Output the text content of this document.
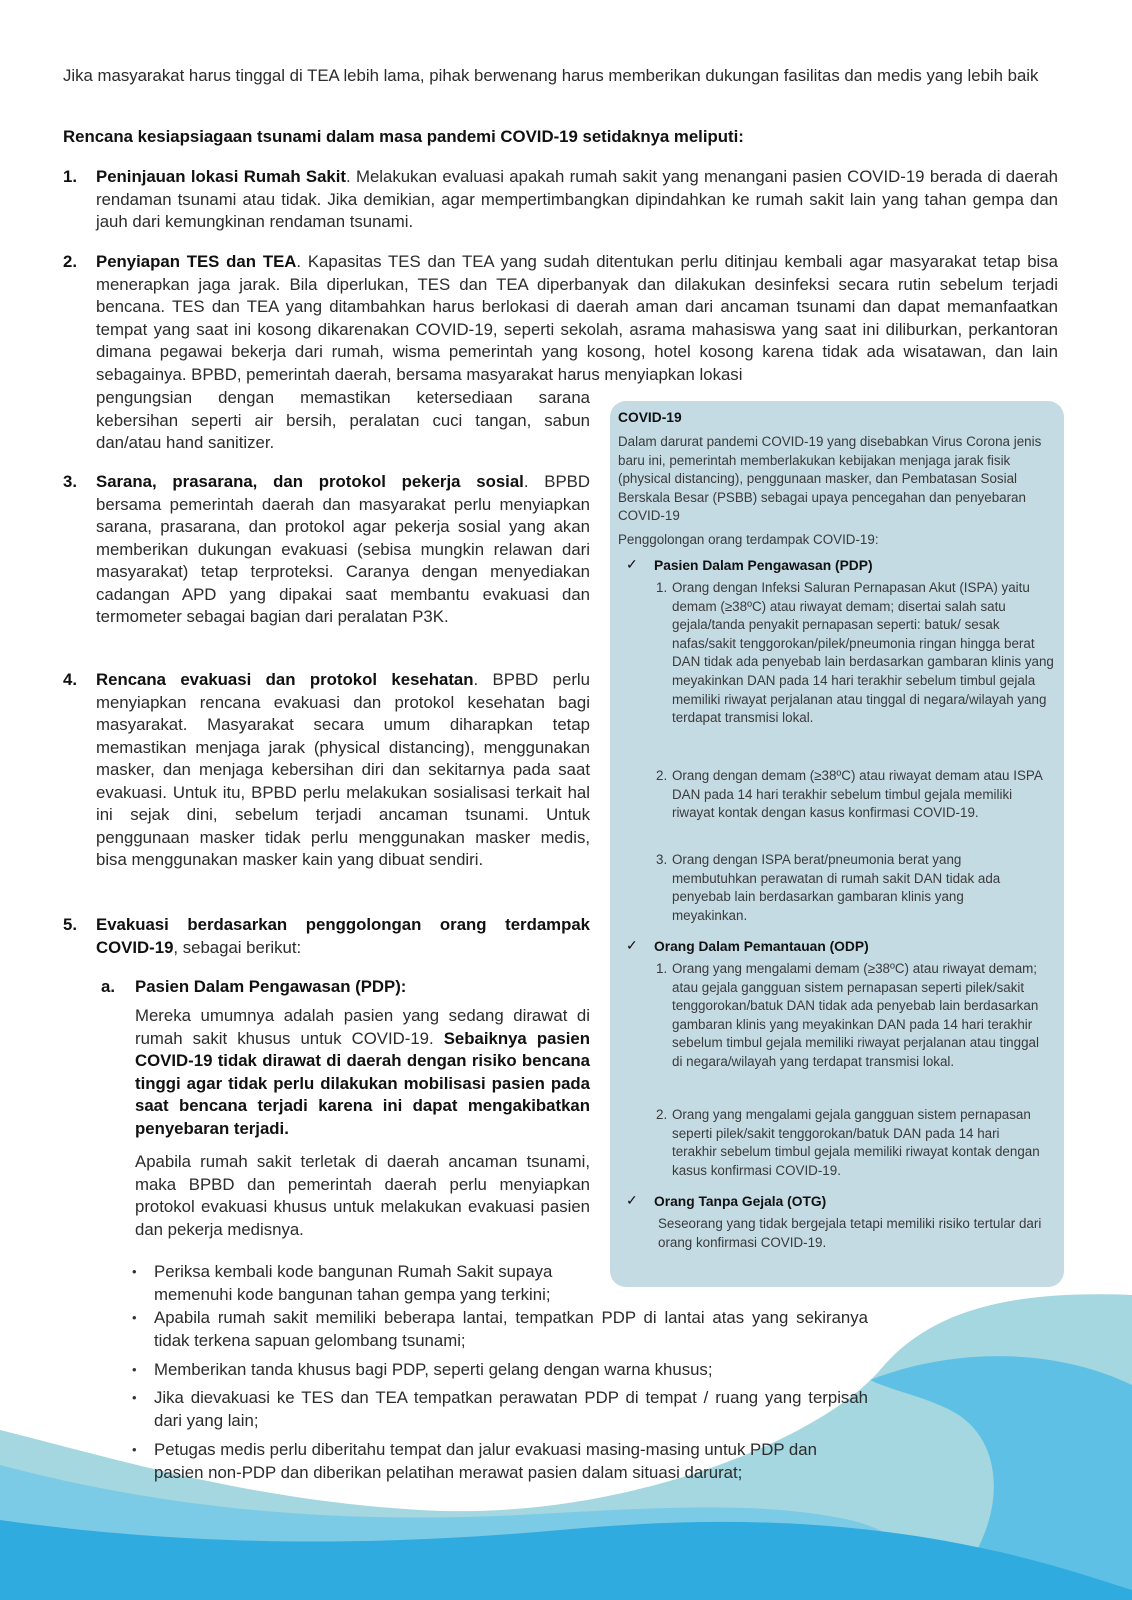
Jika masyarakat harus tinggal di TEA lebih lama, pihak berwenang harus memberikan dukungan fasilitas dan medis yang lebih baik

Rencana kesiapsiagaan tsunami dalam masa pandemi COVID-19 setidaknya meliputi:

1. Peninjauan lokasi Rumah Sakit. Melakukan evaluasi apakah rumah sakit yang menangani pasien COVID-19 berada di daerah rendaman tsunami atau tidak. Jika demikian, agar mempertimbangkan dipindahkan ke rumah sakit lain yang tahan gempa dan jauh dari kemungkinan rendaman tsunami.

2. Penyiapan TES dan TEA. Kapasitas TES dan TEA yang sudah ditentukan perlu ditinjau kembali agar masyarakat tetap bisa menerapkan jaga jarak. Bila diperlukan, TES dan TEA diperbanyak dan dilakukan desinfeksi secara rutin sebelum terjadi bencana. TES dan TEA yang ditambahkan harus berlokasi di daerah aman dari ancaman tsunami dan dapat memanfaatkan tempat yang saat ini kosong dikarenakan COVID-19, seperti sekolah, asrama mahasiswa yang saat ini diliburkan, perkantoran dimana pegawai bekerja dari rumah, wisma pemerintah yang kosong, hotel kosong karena tidak ada wisatawan, dan lain sebagainya. BPBD, pemerintah daerah, bersama masyarakat harus menyiapkan lokasi

pengungsian dengan memastikan ketersediaan sarana kebersihan seperti air bersih, peralatan cuci tangan, sabun dan/atau hand sanitizer.

3. Sarana, prasarana, dan protokol pekerja sosial. BPBD bersama pemerintah daerah dan masyarakat perlu menyiapkan sarana, prasarana, dan protokol agar pekerja sosial yang akan memberikan dukungan evakuasi (sebisa mungkin relawan dari masyarakat) tetap terproteksi. Caranya dengan menyediakan cadangan APD yang dipakai saat membantu evakuasi dan termometer sebagai bagian dari peralatan P3K.

4. Rencana evakuasi dan protokol kesehatan. BPBD perlu menyiapkan rencana evakuasi dan protokol kesehatan bagi masyarakat. Masyarakat secara umum diharapkan tetap memastikan menjaga jarak (physical distancing), menggunakan masker, dan menjaga kebersihan diri dan sekitarnya pada saat evakuasi. Untuk itu, BPBD perlu melakukan sosialisasi terkait hal ini sejak dini, sebelum terjadi ancaman tsunami. Untuk penggunaan masker tidak perlu menggunakan masker medis, bisa menggunakan masker kain yang dibuat sendiri.

5. Evakuasi berdasarkan penggolongan orang terdampak COVID-19, sebagai berikut:

a. Pasien Dalam Pengawasan (PDP):

Mereka umumnya adalah pasien yang sedang dirawat di rumah sakit khusus untuk COVID-19. Sebaiknya pasien COVID-19 tidak dirawat di daerah dengan risiko bencana tinggi agar tidak perlu dilakukan mobilisasi pasien pada saat bencana terjadi karena ini dapat mengakibatkan penyebaran terjadi.

Apabila rumah sakit terletak di daerah ancaman tsunami, maka BPBD dan pemerintah daerah perlu menyiapkan protokol evakuasi khusus untuk melakukan evakuasi pasien dan pekerja medisnya.

• Periksa kembali kode bangunan Rumah Sakit supaya memenuhi kode bangunan tahan gempa yang terkini;
• Apabila rumah sakit memiliki beberapa lantai, tempatkan PDP di lantai atas yang sekiranya tidak terkena sapuan gelombang tsunami;
• Memberikan tanda khusus bagi PDP, seperti gelang dengan warna khusus;
• Jika dievakuasi ke TES dan TEA tempatkan perawatan PDP di tempat / ruang yang terpisah dari yang lain;
• Petugas medis perlu diberitahu tempat dan jalur evakuasi masing-masing untuk PDP dan pasien non-PDP dan diberikan pelatihan merawat pasien dalam situasi darurat;
COVID-19
Dalam darurat pandemi COVID-19 yang disebabkan Virus Corona jenis baru ini, pemerintah memberlakukan kebijakan menjaga jarak fisik (physical distancing), penggunaan masker, dan Pembatasan Sosial Berskala Besar (PSBB) sebagai upaya pencegahan dan penyebaran COVID-19
Penggolongan orang terdampak COVID-19:
✓ Pasien Dalam Pengawasan (PDP)
1. Orang dengan Infeksi Saluran Pernapasan Akut (ISPA) yaitu demam (≥38ºC) atau riwayat demam; disertai salah satu gejala/tanda penyakit pernapasan seperti: batuk/ sesak nafas/sakit tenggorokan/pilek/pneumonia ringan hingga berat DAN tidak ada penyebab lain berdasarkan gambaran klinis yang meyakinkan DAN pada 14 hari terakhir sebelum timbul gejala memiliki riwayat perjalanan atau tinggal di negara/wilayah yang terdapat transmisi lokal.
2. Orang dengan demam (≥38ºC) atau riwayat demam atau ISPA DAN pada 14 hari terakhir sebelum timbul gejala memiliki riwayat kontak dengan kasus konfirmasi COVID-19.
3. Orang dengan ISPA berat/pneumonia berat yang membutuhkan perawatan di rumah sakit DAN tidak ada penyebab lain berdasarkan gambaran klinis yang meyakinkan.
✓ Orang Dalam Pemantauan (ODP)
1. Orang yang mengalami demam (≥38ºC) atau riwayat demam; atau gejala gangguan sistem pernapasan seperti pilek/sakit tenggorokan/batuk DAN tidak ada penyebab lain berdasarkan gambaran klinis yang meyakinkan DAN pada 14 hari terakhir sebelum timbul gejala memiliki riwayat perjalanan atau tinggal di negara/wilayah yang terdapat transmisi lokal.
2. Orang yang mengalami gejala gangguan sistem pernapasan seperti pilek/sakit tenggorokan/batuk DAN pada 14 hari terakhir sebelum timbul gejala memiliki riwayat kontak dengan kasus konfirmasi COVID-19.
✓ Orang Tanpa Gejala (OTG)
Seseorang yang tidak bergejala tetapi memiliki risiko tertular dari orang konfirmasi COVID-19.
